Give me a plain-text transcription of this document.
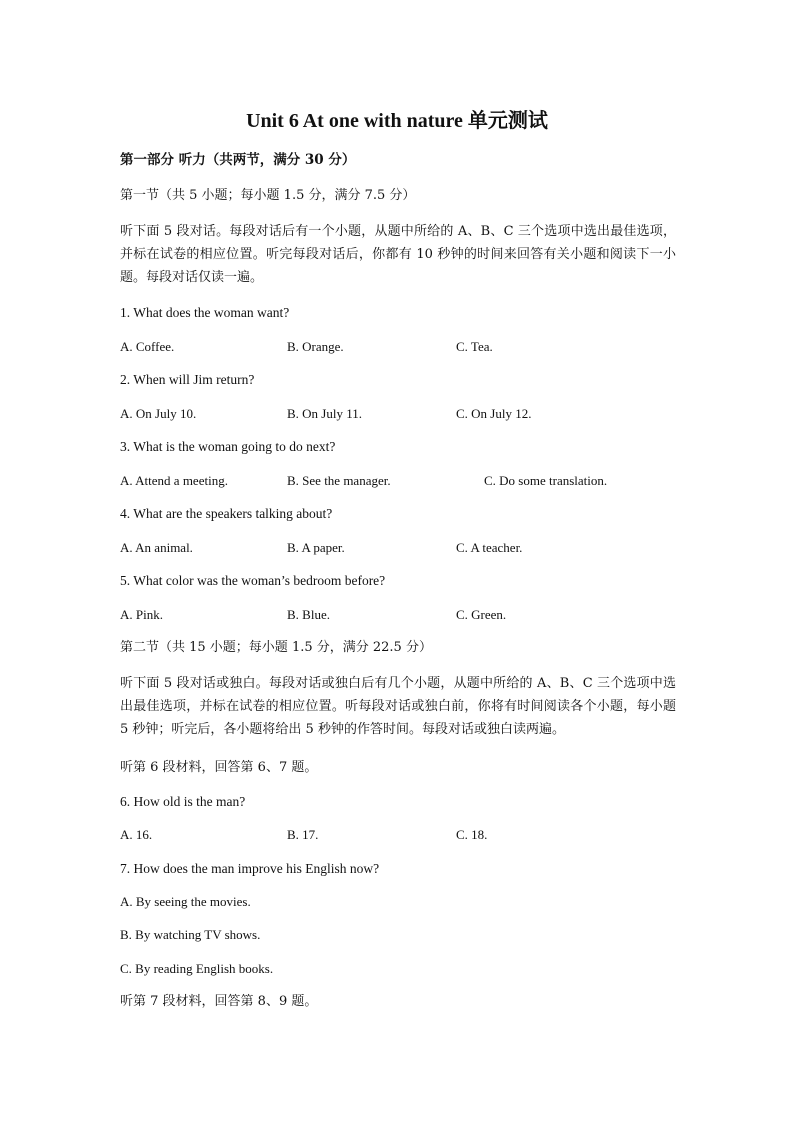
Unit 6 At one with nature 单元测试
第一部分 听力（共两节，满分 30 分）
第一节（共 5 小题；每小题 1.5 分，满分 7.5 分）
听下面 5 段对话。每段对话后有一个小题，从题中所给的 A、B、C 三个选项中选出最佳选项，并标在试卷的相应位置。听完每段对话后，你都有 10 秒钟的时间来回答有关小题和阅读下一小题。每段对话仅读一遍。
1. What does the woman want?
A. Coffee.	B. Orange.	C. Tea.
2. When will Jim return?
A. On July 10.	B. On July 11.	C. On July 12.
3. What is the woman going to do next?
A. Attend a meeting.	B. See the manager.	C. Do some translation.
4. What are the speakers talking about?
A. An animal.	B. A paper.	C. A teacher.
5. What color was the woman’s bedroom before?
A. Pink.	B. Blue.	C. Green.
第二节（共 15 小题；每小题 1.5 分，满分 22.5 分）
听下面 5 段对话或独白。每段对话或独白后有几个小题，从题中所给的 A、B、C 三个选项中选出最佳选项，并标在试卷的相应位置。听每段对话或独白前，你将有时间阅读各个小题，每小题 5 秒钟；听完后，各小题将给出 5 秒钟的作答时间。每段对话或独白读两遍。
听第 6 段材料，回答第 6、7 题。
6. How old is the man?
A. 16.	B. 17.	C. 18.
7. How does the man improve his English now?
A. By seeing the movies.
B. By watching TV shows.
C. By reading English books.
听第 7 段材料，回答第 8、9 题。
